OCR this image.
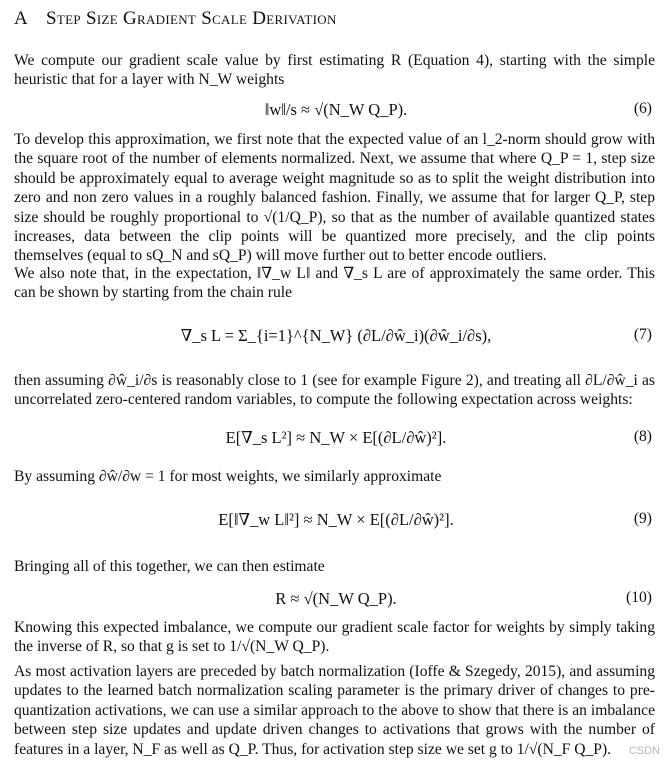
A Step Size Gradient Scale Derivation
We compute our gradient scale value by first estimating R (Equation 4), starting with the simple heuristic that for a layer with N_W weights
‖w‖/s ≈ √(N_W Q_P).	(6)
To develop this approximation, we first note that the expected value of an l_2-norm should grow with the square root of the number of elements normalized. Next, we assume that where Q_P = 1, step size should be approximately equal to average weight magnitude so as to split the weight distribution into zero and non zero values in a roughly balanced fashion. Finally, we assume that for larger Q_P, step size should be roughly proportional to √(1/Q_P), so that as the number of available quantized states increases, data between the clip points will be quantized more precisely, and the clip points themselves (equal to sQ_N and sQ_P) will move further out to better encode outliers.
We also note that, in the expectation, ‖∇_w L‖ and ∇_s L are of approximately the same order. This can be shown by starting from the chain rule
∇_s L = Σ_{i=1}^{N_W} (∂L/∂ŵ_i)(∂ŵ_i/∂s),	(7)
then assuming ∂ŵ_i/∂s is reasonably close to 1 (see for example Figure 2), and treating all ∂L/∂ŵ_i as uncorrelated zero-centered random variables, to compute the following expectation across weights:
E[∇_s L²] ≈ N_W × E[(∂L/∂ŵ)²].	(8)
By assuming ∂ŵ/∂w = 1 for most weights, we similarly approximate
E[‖∇_w L‖²] ≈ N_W × E[(∂L/∂ŵ)²].	(9)
Bringing all of this together, we can then estimate
R ≈ √(N_W Q_P).	(10)
Knowing this expected imbalance, we compute our gradient scale factor for weights by simply taking the inverse of R, so that g is set to 1/√(N_W Q_P).
As most activation layers are preceded by batch normalization (Ioffe & Szegedy, 2015), and assuming updates to the learned batch normalization scaling parameter is the primary driver of changes to pre-quantization activations, we can use a similar approach to the above to show that there is an imbalance between step size updates and update driven changes to activations that grows with the number of features in a layer, N_F as well as Q_P. Thus, for activation step size we set g to 1/√(N_F Q_P).	CSDN
